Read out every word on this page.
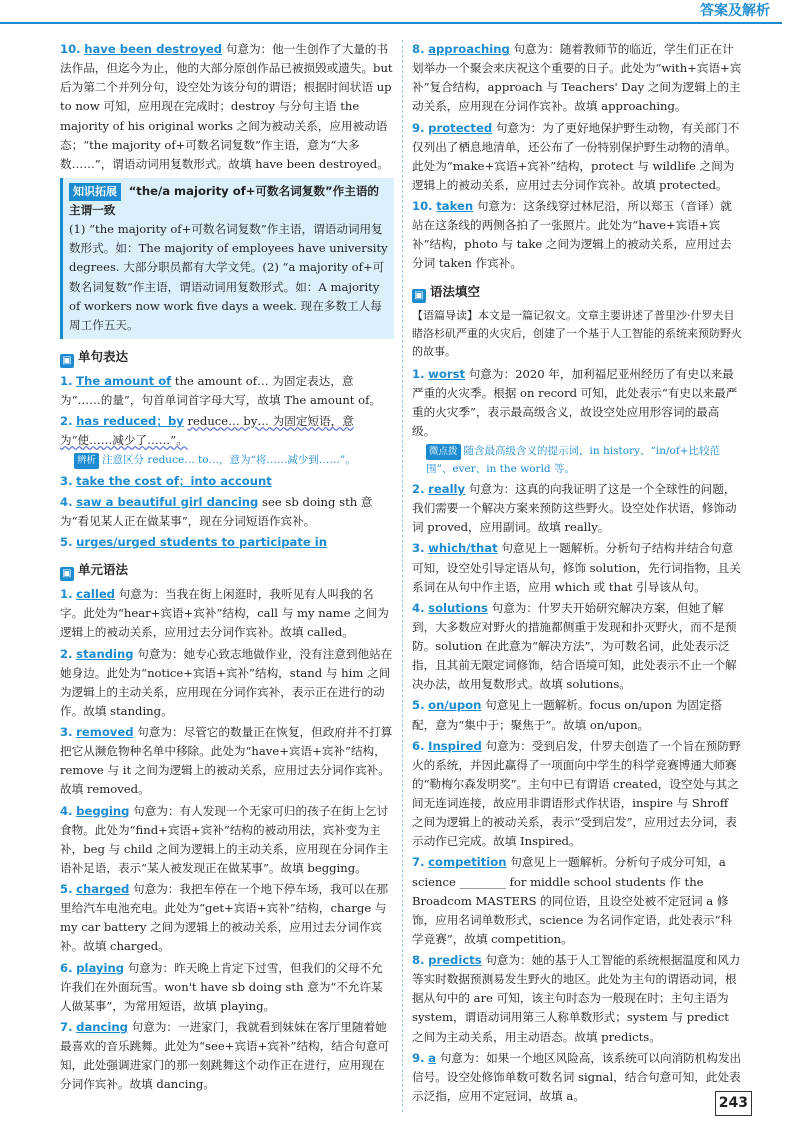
答案及解析
10. have been destroyed 句意为：他一生创作了大量的书法作品，但迄今为止，他的大部分原创作品已被损毁或遗失。but 后为第二个并列分句，设空处为该分句的谓语；根据时间状语 up to now 可知，应用现在完成时；destroy 与分句主语 the majority of his original works 之间为被动关系，应用被动语态；“the majority of+可数名词复数”作主语，意为“大多数……”，谓语动词用复数形式。故填 have been destroyed。
知识拓展 “the/a majority of+可数名词复数”作主语的主谓一致
(1) “the majority of+可数名词复数”作主语，谓语动词用复数形式。如：The majority of employees have university degrees. 大部分职员都有大学文凭。(2) “a majority of+可数名词复数”作主语，谓语动词用复数形式。如：A majority of workers now work five days a week. 现在多数工人每周工作五天。
▣ 单句表达
1. The amount of the amount of… 为固定表达，意为“……的量”，句首单词首字母大写，故填 The amount of。
2. has reduced；by reduce… by… 为固定短语，意为“使……减少了……”。
辨析 注意区分 reduce… to…，意为“将……减少到……”。
3. take the cost of；into account
4. saw a beautiful girl dancing see sb doing sth 意为“看见某人正在做某事”，现在分词短语作宾补。
5. urges/urged students to participate in
▣ 单元语法
1. called 句意为：当我在街上闲逛时，我听见有人叫我的名字。此处为“hear+宾语+宾补”结构，call 与 my name 之间为逻辑上的被动关系，应用过去分词作宾补。故填 called。
2. standing 句意为：她专心致志地做作业，没有注意到他站在她身边。此处为“notice+宾语+宾补”结构，stand 与 him 之间为逻辑上的主动关系，应用现在分词作宾补，表示正在进行的动作。故填 standing。
3. removed 句意为：尽管它的数量正在恢复，但政府并不打算把它从濒危物种名单中移除。此处为“have+宾语+宾补”结构，remove 与 it 之间为逻辑上的被动关系，应用过去分词作宾补。故填 removed。
4. begging 句意为：有人发现一个无家可归的孩子在街上乞讨食物。此处为“find+宾语+宾补”结构的被动用法，宾补变为主补，beg 与 child 之间为逻辑上的主动关系，应用现在分词作主语补足语，表示“某人被发现正在做某事”。故填 begging。
5. charged 句意为：我把车停在一个地下停车场，我可以在那里给汽车电池充电。此处为“get+宾语+宾补”结构，charge 与 my car battery 之间为逻辑上的被动关系，应用过去分词作宾补。故填 charged。
6. playing 句意为：昨天晚上肯定下过雪，但我们的父母不允许我们在外面玩雪。won't have sb doing sth 意为“不允许某人做某事”，为常用短语，故填 playing。
7. dancing 句意为：一进家门，我就看到妹妹在客厅里随着她最喜欢的音乐跳舞。此处为“see+宾语+宾补”结构，结合句意可知，此处强调进家门的那一刻跳舞这个动作正在进行，应用现在分词作宾补。故填 dancing。
8. approaching 句意为：随着教师节的临近，学生们正在计划举办一个聚会来庆祝这个重要的日子。此处为“with+宾语+宾补”复合结构，approach 与 Teachers' Day 之间为逻辑上的主动关系，应用现在分词作宾补。故填 approaching。
9. protected 句意为：为了更好地保护野生动物，有关部门不仅列出了栖息地清单，还公布了一份特别保护野生动物的清单。此处为“make+宾语+宾补”结构，protect 与 wildlife 之间为逻辑上的被动关系，应用过去分词作宾补。故填 protected。
10. taken 句意为：这条线穿过林尼沿，所以郑玉（音译）就站在这条线的两侧各拍了一张照片。此处为“have+宾语+宾补”结构，photo 与 take 之间为逻辑上的被动关系，应用过去分词 taken 作宾补。
▣ 语法填空
【语篇导读】本文是一篇记叙文。文章主要讲述了普里沙·什罗夫目睹洛杉矶严重的火灾后，创建了一个基于人工智能的系统来预防野火的故事。
1. worst 句意为：2020 年，加利福尼亚州经历了有史以来最严重的火灾季。根据 on record 可知，此处表示“有史以来最严重的火灾季”，表示最高级含义，故设空处应用形容词的最高级。
微点拨 随含最高级含义的提示词，in history、“in/of+比较范围”、ever、in the world 等。
2. really 句意为：这真的向我证明了这是一个全球性的问题，我们需要一个解决方案来预防这些野火。设空处作状语，修饰动词 proved，应用副词。故填 really。
3. which/that 句意见上一题解析。分析句子结构并结合句意可知，设空处引导定语从句，修饰 solution，先行词指物，且关系词在从句中作主语，应用 which 或 that 引导该从句。
4. solutions 句意为：什罗夫开始研究解决方案，但她了解到，大多数应对野火的措施都侧重于发现和扑灭野火，而不是预防。solution 在此意为“解决方法”，为可数名词，此处表示泛指，且其前无限定词修饰，结合语境可知，此处表示不止一个解决办法，故用复数形式。故填 solutions。
5. on/upon 句意见上一题解析。focus on/upon 为固定搭配，意为“集中于；聚焦于”。故填 on/upon。
6. Inspired 句意为：受到启发，什罗夫创造了一个旨在预防野火的系统，并因此赢得了一项面向中学生的科学竞赛博通大师赛的“勒梅尔森发明奖”。主句中已有谓语 created，设空处与其之间无连词连接，故应用非谓语形式作状语，inspire 与 Shroff 之间为逻辑上的被动关系，表示“受到启发”，应用过去分词，表示动作已完成。故填 Inspired。
7. competition 句意见上一题解析。分析句子成分可知，a science ________ for middle school students 作 the Broadcom MASTERS 的同位语，且设空处被不定冠词 a 修饰，应用名词单数形式，science 为名词作定语，此处表示“科学竞赛”，故填 competition。
8. predicts 句意为：她的基于人工智能的系统根据温度和风力等实时数据预测易发生野火的地区。此处为主句的谓语动词，根据从句中的 are 可知，该主句时态为一般现在时；主句主语为 system，谓语动词用第三人称单数形式；system 与 predict 之间为主动关系，用主动语态。故填 predicts。
9. a 句意为：如果一个地区风险高，该系统可以向消防机构发出信号。设空处修饰单数可数名词 signal，结合句意可知，此处表示泛指，应用不定冠词，故填 a。	243
